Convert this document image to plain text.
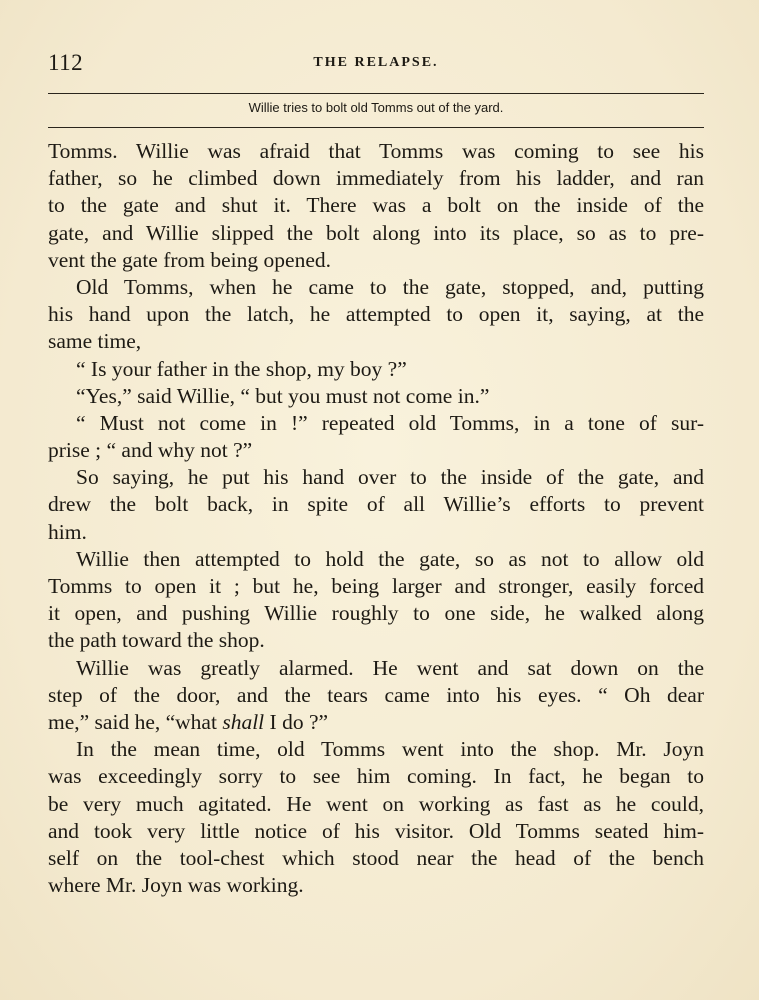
112	THE RELAPSE.
Willie tries to bolt old Tomms out of the yard.
Tomms. Willie was afraid that Tomms was coming to see his
father, so he climbed down immediately from his ladder, and ran
to the gate and shut it. There was a bolt on the inside of the
gate, and Willie slipped the bolt along into its place, so as to pre-
vent the gate from being opened.
Old Tomms, when he came to the gate, stopped, and, putting
his hand upon the latch, he attempted to open it, saying, at the
same time,
“ Is your father in the shop, my boy ?”
“Yes,” said Willie, “ but you must not come in.”
“ Must not come in !” repeated old Tomms, in a tone of sur-
prise ; “ and why not ?”
So saying, he put his hand over to the inside of the gate, and
drew the bolt back, in spite of all Willie’s efforts to prevent
him.
Willie then attempted to hold the gate, so as not to allow old
Tomms to open it ; but he, being larger and stronger, easily forced
it open, and pushing Willie roughly to one side, he walked along
the path toward the shop.
Willie was greatly alarmed. He went and sat down on the
step of the door, and the tears came into his eyes. “ Oh dear
me,” said he, “what shall I do ?”
In the mean time, old Tomms went into the shop. Mr. Joyn
was exceedingly sorry to see him coming. In fact, he began to
be very much agitated. He went on working as fast as he could,
and took very little notice of his visitor. Old Tomms seated him-
self on the tool-chest which stood near the head of the bench
where Mr. Joyn was working.
